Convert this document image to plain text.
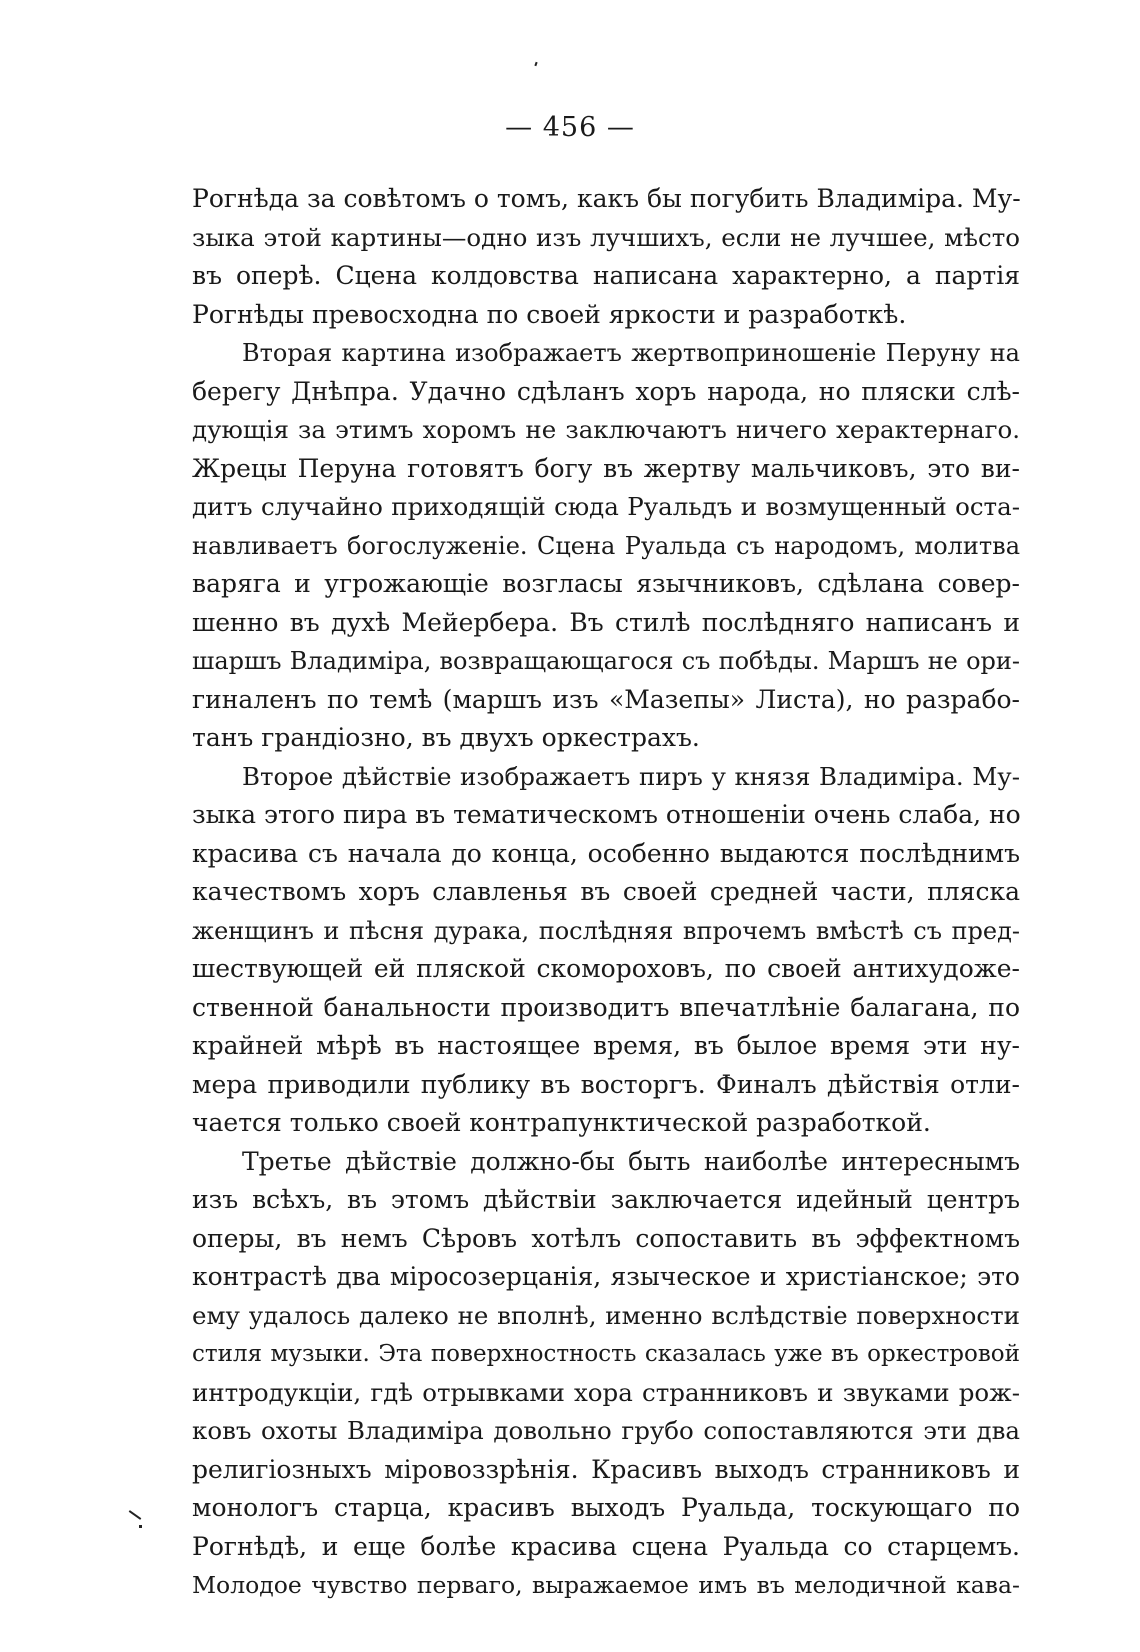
— 456 —
Рогнѣда за совѣтомъ о томъ, какъ бы погубить Владиміра. Му-
зыка этой картины—одно изъ лучшихъ, если не лучшее, мѣсто
въ оперѣ. Сцена колдовства написана характерно, а партія
Рогнѣды превосходна по своей яркости и разработкѣ.
Вторая картина изображаетъ жертвоприношеніе Перуну на
берегу Днѣпра. Удачно сдѣланъ хоръ народа, но пляски слѣ-
дующія за этимъ хоромъ не заключаютъ ничего херактернаго.
Жрецы Перуна готовятъ богу въ жертву мальчиковъ, это ви-
дитъ случайно приходящій сюда Руальдъ и возмущенный оста-
навливаетъ богослуженіе. Сцена Руальда съ народомъ, молитва
варяга и угрожающіе возгласы язычниковъ, сдѣлана совер-
шенно въ духѣ Мейербера. Въ стилѣ послѣдняго написанъ и
шаршъ Владиміра, возвращающагося съ побѣды. Маршъ не ори-
гиналенъ по темѣ (маршъ изъ «Мазепы» Листа), но разрабо-
танъ грандіозно, въ двухъ оркестрахъ.
Второе дѣйствіе изображаетъ пиръ у князя Владиміра. Му-
зыка этого пира въ тематическомъ отношеніи очень слаба, но
красива съ начала до конца, особенно выдаются послѣднимъ
качествомъ хоръ славленья въ своей средней части, пляска
женщинъ и пѣсня дурака, послѣдняя впрочемъ вмѣстѣ съ пред-
шествующей ей пляской скомороховъ, по своей антихудоже-
ственной банальности производитъ впечатлѣніе балагана, по
крайней мѣрѣ въ настоящее время, въ былое время эти ну-
мера приводили публику въ восторгъ. Финалъ дѣйствія отли-
чается только своей контрапунктической разработкой.
Третье дѣйствіе должно-бы быть наиболѣе интереснымъ
изъ всѣхъ, въ этомъ дѣйствіи заключается идейный центръ
оперы, въ немъ Сѣровъ хотѣлъ сопоставить въ эффектномъ
контрастѣ два міросозерцанія, языческое и христіанское; это
ему удалось далеко не вполнѣ, именно вслѣдствіе поверхности
стиля музыки. Эта поверхностность сказалась уже въ оркестровой
интродукціи, гдѣ отрывками хора странниковъ и звуками рож-
ковъ охоты Владиміра довольно грубо сопоставляются эти два
религіозныхъ міровоззрѣнія. Красивъ выходъ странниковъ и
монологъ старца, красивъ выходъ Руальда, тоскующаго по
Рогнѣдѣ, и еще болѣе красива сцена Руальда со старцемъ.
Молодое чувство перваго, выражаемое имъ въ мелодичной кава-
